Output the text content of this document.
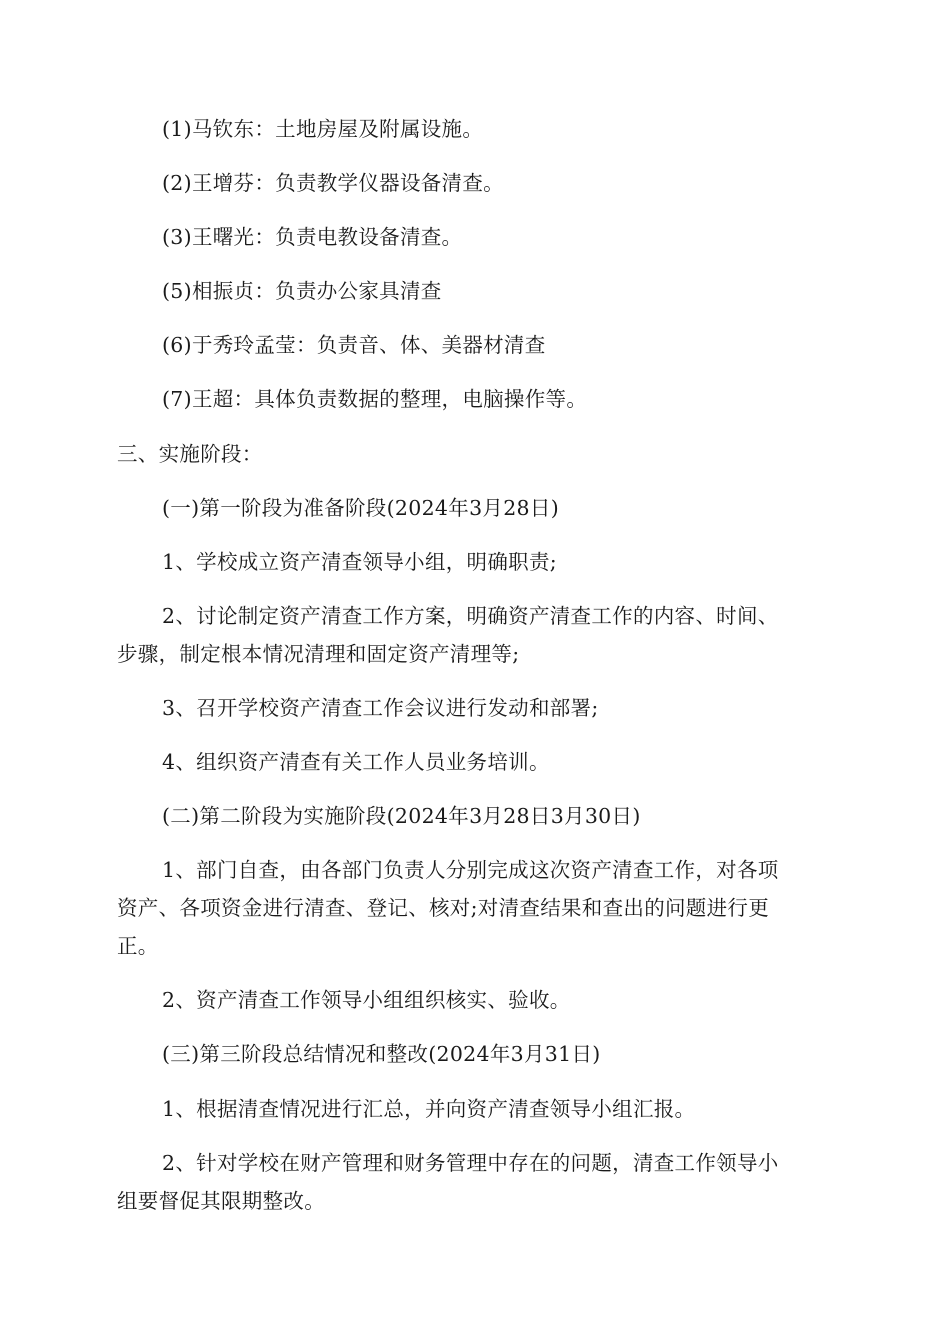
(1)马钦东：土地房屋及附属设施。
(2)王增芬：负责教学仪器设备清查。
(3)王曙光：负责电教设备清查。
(5)相振贞：负责办公家具清查
(6)于秀玲孟莹：负责音、体、美器材清查
(7)王超：具体负责数据的整理，电脑操作等。
三、实施阶段：
(一)第一阶段为准备阶段(2024年3月28日)
1、学校成立资产清查领导小组，明确职责;
2、讨论制定资产清查工作方案，明确资产清查工作的内容、时间、
步骤，制定根本情况清理和固定资产清理等;
3、召开学校资产清查工作会议进行发动和部署;
4、组织资产清查有关工作人员业务培训。
(二)第二阶段为实施阶段(2024年3月28日3月30日)
1、部门自查，由各部门负责人分别完成这次资产清查工作，对各项
资产、各项资金进行清查、登记、核对;对清查结果和查出的问题进行更
正。
2、资产清查工作领导小组组织核实、验收。
(三)第三阶段总结情况和整改(2024年3月31日)
1、根据清查情况进行汇总，并向资产清查领导小组汇报。
2、针对学校在财产管理和财务管理中存在的问题，清查工作领导小
组要督促其限期整改。
